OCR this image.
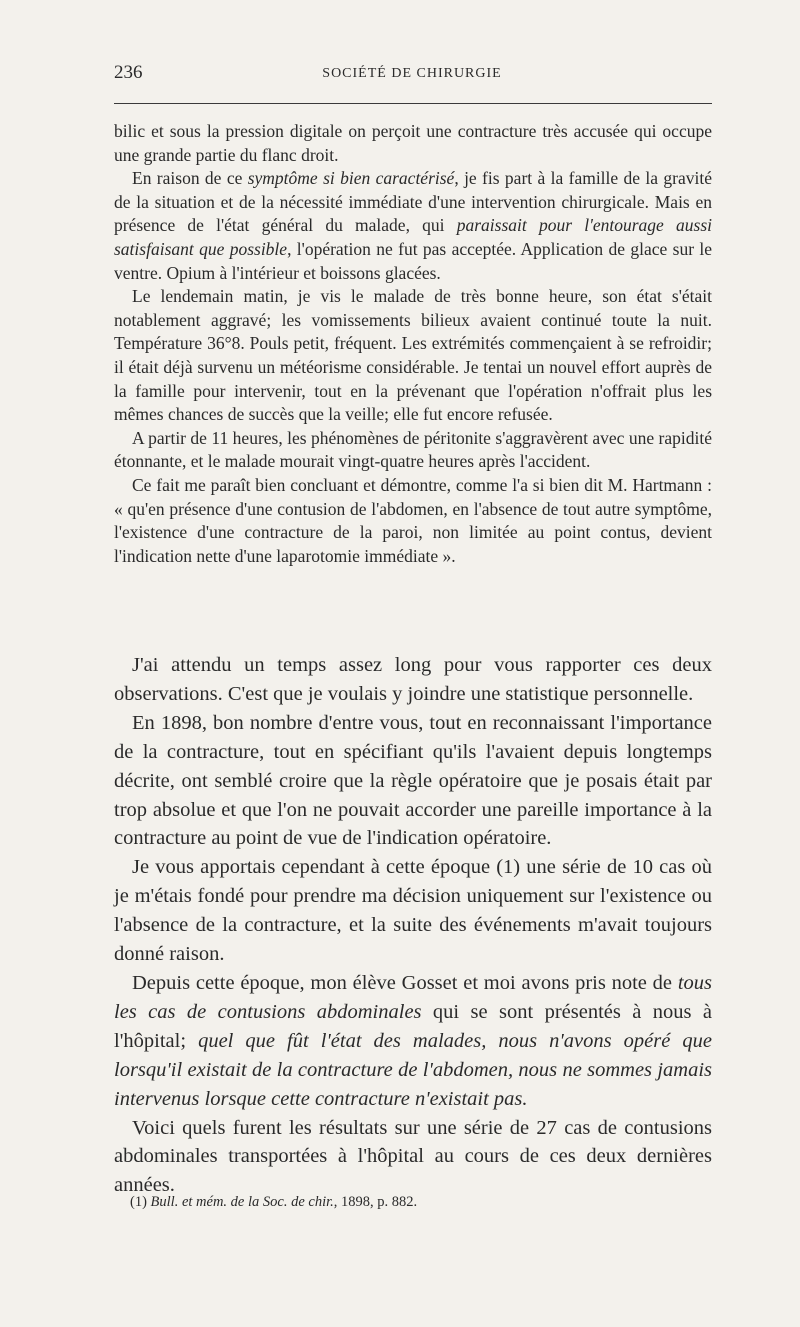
236	SOCIÉTÉ DE CHIRURGIE

bilic et sous la pression digitale on perçoit une contracture très accusée qui occupe une grande partie du flanc droit.

En raison de ce symptôme si bien caractérisé, je fis part à la famille de la gravité de la situation et de la nécessité immédiate d'une intervention chirurgicale. Mais en présence de l'état général du malade, qui paraissait pour l'entourage aussi satisfaisant que possible, l'opération ne fut pas acceptée. Application de glace sur le ventre. Opium à l'intérieur et boissons glacées.

Le lendemain matin, je vis le malade de très bonne heure, son état s'était notablement aggravé; les vomissements bilieux avaient continué toute la nuit. Température 36°8. Pouls petit, fréquent. Les extrémités commençaient à se refroidir; il était déjà survenu un météorisme considérable. Je tentai un nouvel effort auprès de la famille pour intervenir, tout en la prévenant que l'opération n'offrait plus les mêmes chances de succès que la veille; elle fut encore refusée.

A partir de 11 heures, les phénomènes de péritonite s'aggravèrent avec une rapidité étonnante, et le malade mourait vingt-quatre heures après l'accident.

Ce fait me paraît bien concluant et démontre, comme l'a si bien dit M. Hartmann : « qu'en présence d'une contusion de l'abdomen, en l'absence de tout autre symptôme, l'existence d'une contracture de la paroi, non limitée au point contus, devient l'indication nette d'une laparotomie immédiate ».

J'ai attendu un temps assez long pour vous rapporter ces deux observations. C'est que je voulais y joindre une statistique personnelle.

En 1898, bon nombre d'entre vous, tout en reconnaissant l'importance de la contracture, tout en spécifiant qu'ils l'avaient depuis longtemps décrite, ont semblé croire que la règle opératoire que je posais était par trop absolue et que l'on ne pouvait accorder une pareille importance à la contracture au point de vue de l'indication opératoire.

Je vous apportais cependant à cette époque (1) une série de 10 cas où je m'étais fondé pour prendre ma décision uniquement sur l'existence ou l'absence de la contracture, et la suite des événements m'avait toujours donné raison.

Depuis cette époque, mon élève Gosset et moi avons pris note de tous les cas de contusions abdominales qui se sont présentés à nous à l'hôpital; quel que fût l'état des malades, nous n'avons opéré que lorsqu'il existait de la contracture de l'abdomen, nous ne sommes jamais intervenus lorsque cette contracture n'existait pas.

Voici quels furent les résultats sur une série de 27 cas de contusions abdominales transportées à l'hôpital au cours de ces deux dernières années.

(1) Bull. et mém. de la Soc. de chir., 1898, p. 882.
